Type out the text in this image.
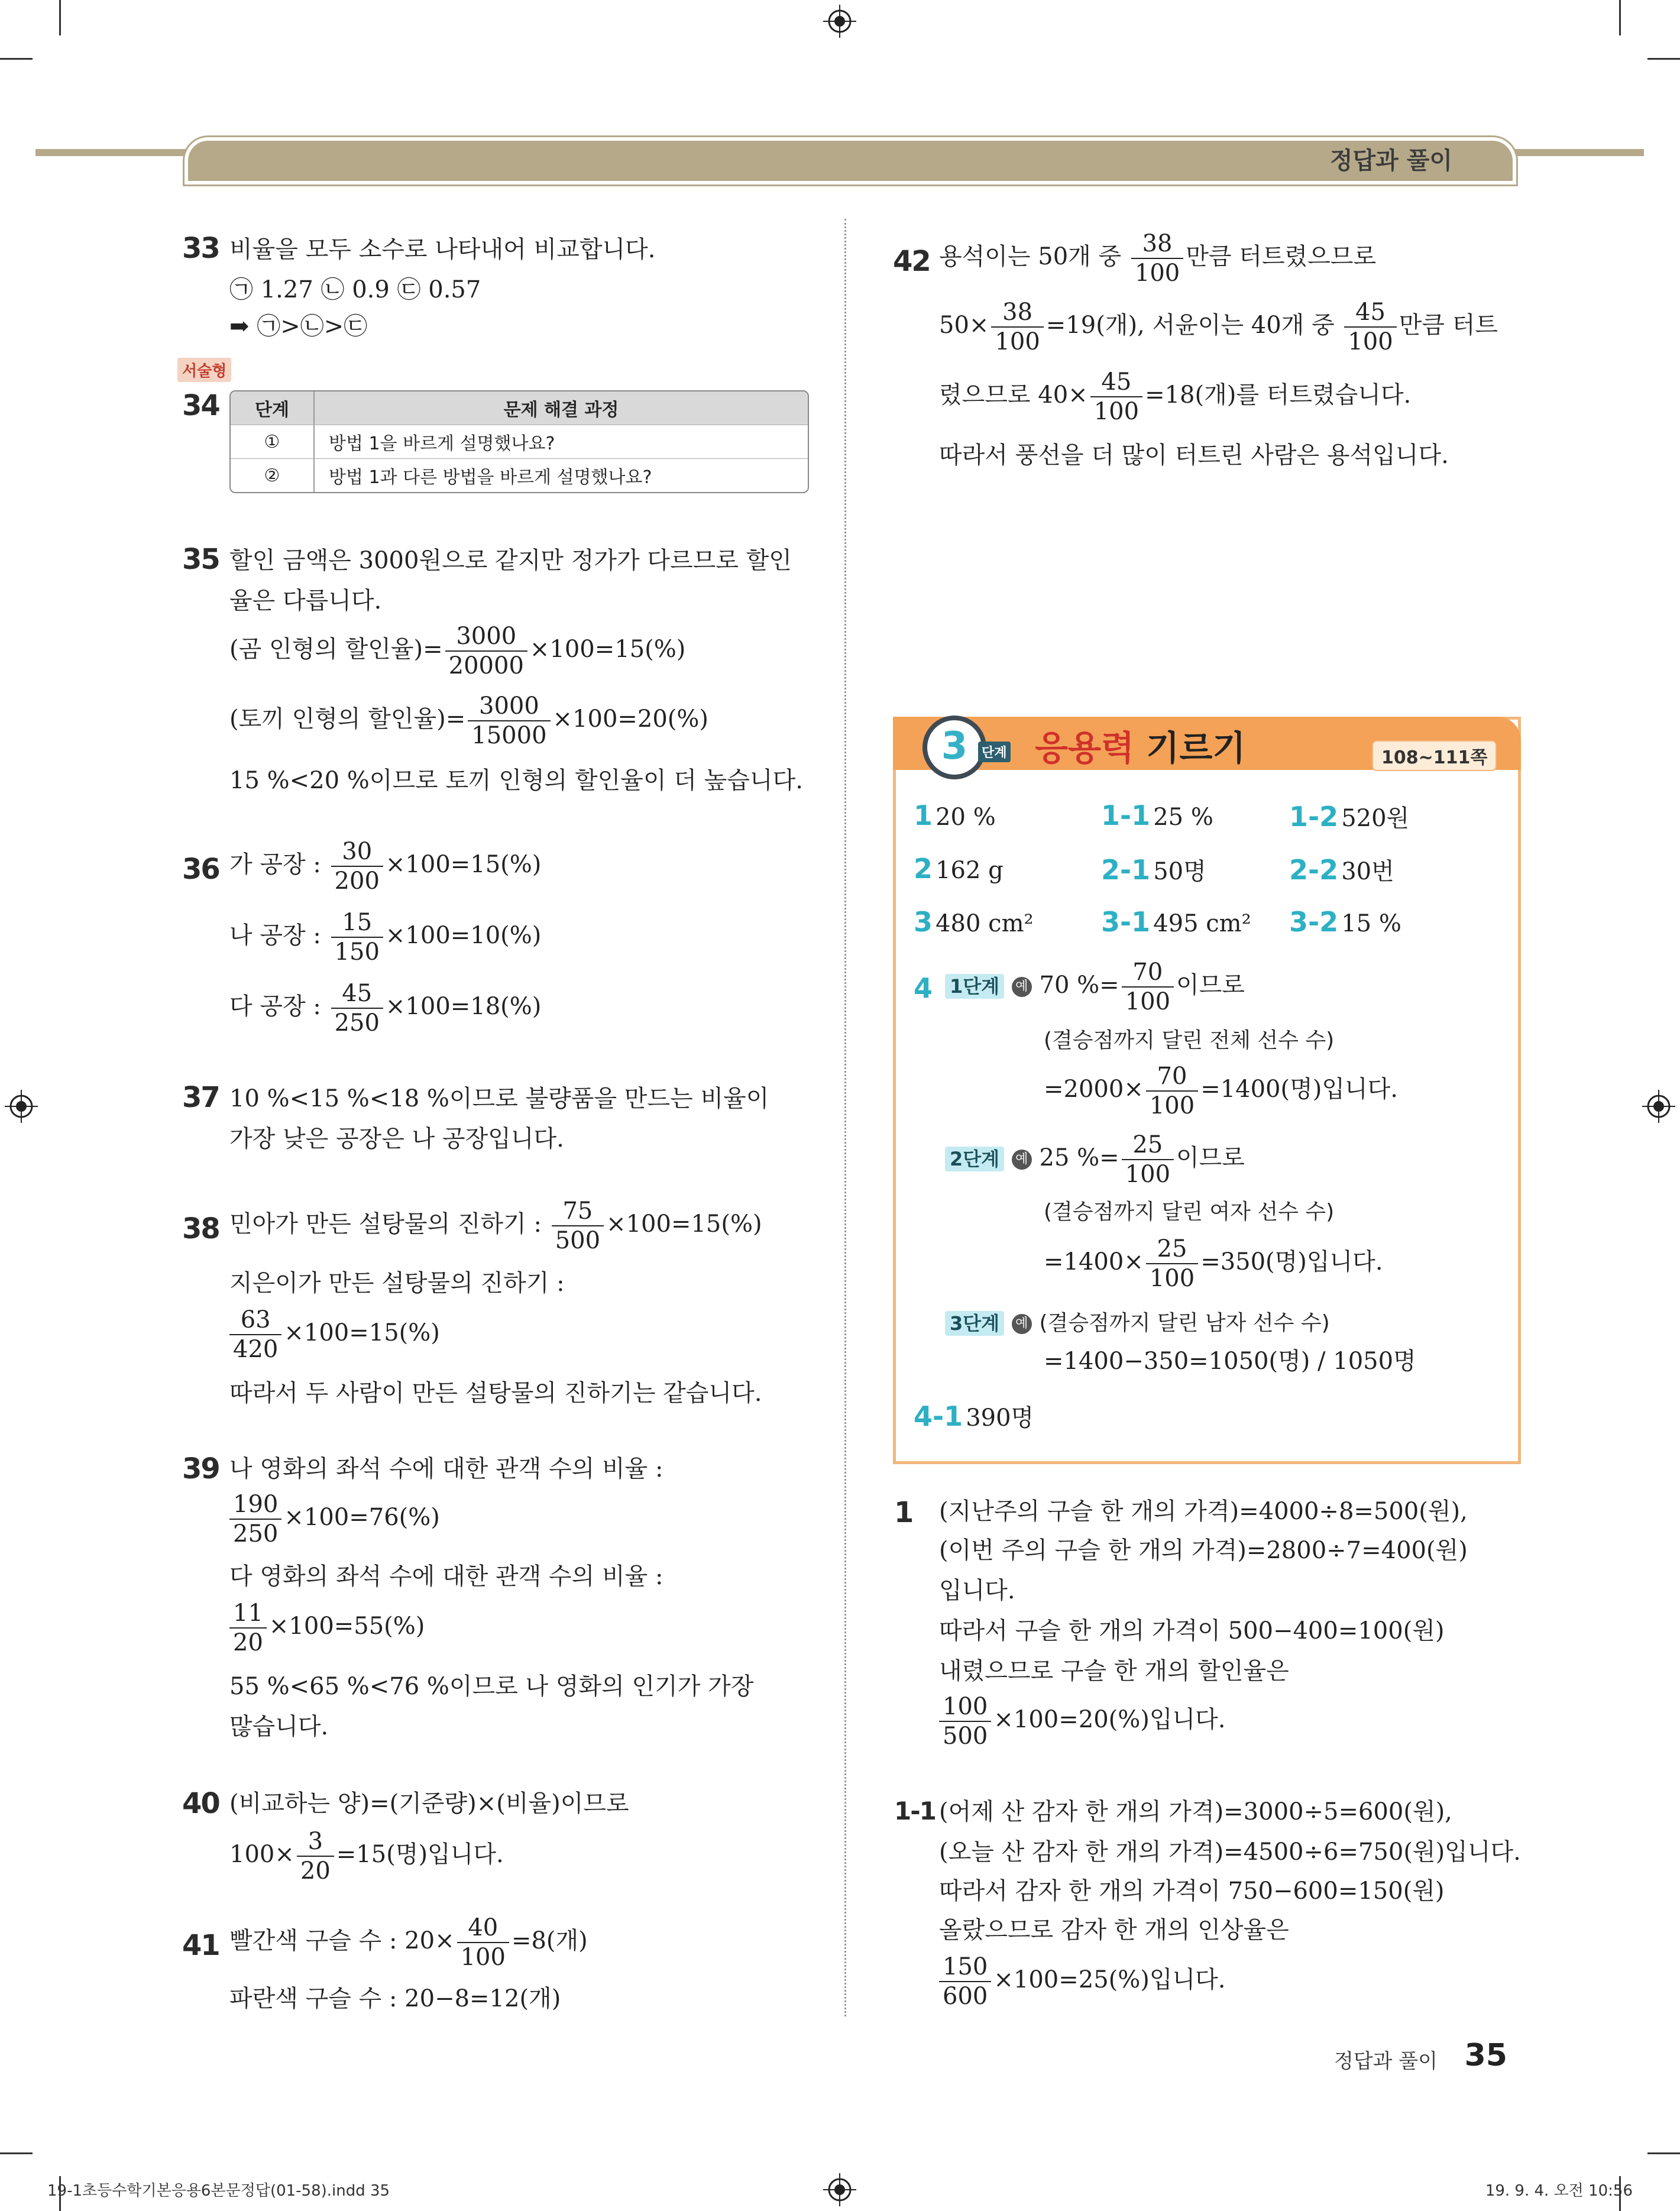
정답과 풀이
33 비율을 모두 소수로 나타내어 비교합니다.
㉠ 1.27 ㉡ 0.9 ㉢ 0.57
➡ ㉠>㉡>㉢
서술형
34	단계	문제 해결 과정
①	방법 1을 바르게 설명했나요?
②	방법 1과 다른 방법을 바르게 설명했나요?
35 할인 금액은 3000원으로 같지만 정가가 다르므로 할인
율은 다릅니다.
(곰 인형의 할인율)= $\frac{3000}{20000} \times 100=15(\%)$
(토끼 인형의 할인율)= $\frac{3000}{15000} \times 100=20(\%)$
15 %<20 %이므로 토끼 인형의 할인율이 더 높습니다.
36 가 공장 : $\frac{30}{200} \times 100=15(\%)$
나 공장 : $\frac{15}{150} \times 100=10(\%)$
다 공장 : $\frac{45}{250} \times 100=18(\%)$
37 10 %<15 %<18 %이므로 불량품을 만드는 비율이
가장 낮은 공장은 나 공장입니다.
38 민아가 만든 설탕물의 진하기 : $\frac{75}{500} \times 100=15(\%)$
지은이가 만든 설탕물의 진하기 :
$\frac{63}{420} \times 100=15(\%)$
따라서 두 사람이 만든 설탕물의 진하기는 같습니다.
39 나 영화의 좌석 수에 대한 관객 수의 비율 :
$\frac{190}{250} \times 100=76(\%)$
다 영화의 좌석 수에 대한 관객 수의 비율 :
$\frac{11}{20} \times 100=55(\%)$
55 %<65 %<76 %이므로 나 영화의 인기가 가장
많습니다.
40 (비교하는 양)=(기준량)×(비율)이므로
$100\times \frac{3}{20} =15$(명)입니다.
41 빨간색 구슬 수 : $20\times \frac{40}{100} =8$(개)
파란색 구슬 수 : 20−8=12(개)
42 용석이는 50개 중 $\frac{38}{100}$ 만큼 터트렸으므로
$50\times \frac{38}{100} =19$(개), 서윤이는 40개 중 $\frac{45}{100}$ 만큼 터트
렸으므로 $40\times \frac{45}{100} =18$(개)를 터트렸습니다.
따라서 풍선을 더 많이 터트린 사람은 용석입니다.
3	단계 응용력 기르기	108~111쪽
1 20 %	1-1 25 %	1-2 520원
2 162 g	2-1 50명	2-2 30번
3 480 cm² 3-1 495 cm² 3-2 15 %
4 1단계 예 70 %= $\frac{70}{100}$ 이므로
(결승점까지 달린 전체 선수 수)
$=2000\times \frac{70}{100} =1400$(명)입니다.
2단계 예 25 %= $\frac{25}{100}$ 이므로
(결승점까지 달린 여자 선수 수)
$=1400\times \frac{25}{100} =350$(명)입니다.
3단계 예 (결승점까지 달린 남자 선수 수)
=1400−350=1050(명) / 1050명
4-1 390명
1 (지난주의 구슬 한 개의 가격)=4000÷8=500(원),
(이번 주의 구슬 한 개의 가격)=2800÷7=400(원)
입니다.
따라서 구슬 한 개의 가격이 500−400=100(원)
내렸으므로 구슬 한 개의 할인율은
$\frac{100}{500} \times 100=20(\%)$입니다.
1-1 (어제 산 감자 한 개의 가격)=3000÷5=600(원),
(오늘 산 감자 한 개의 가격)=4500÷6=750(원)입니다.
따라서 감자 한 개의 가격이 750−600=150(원)
올랐으므로 감자 한 개의 인상율은
$\frac{150}{600} \times 100=25(\%)$입니다.
정답과 풀이 35
19-1초등수학기본응용6본문정답(01-58).indd 35	19. 9. 4. 오전 10:56
